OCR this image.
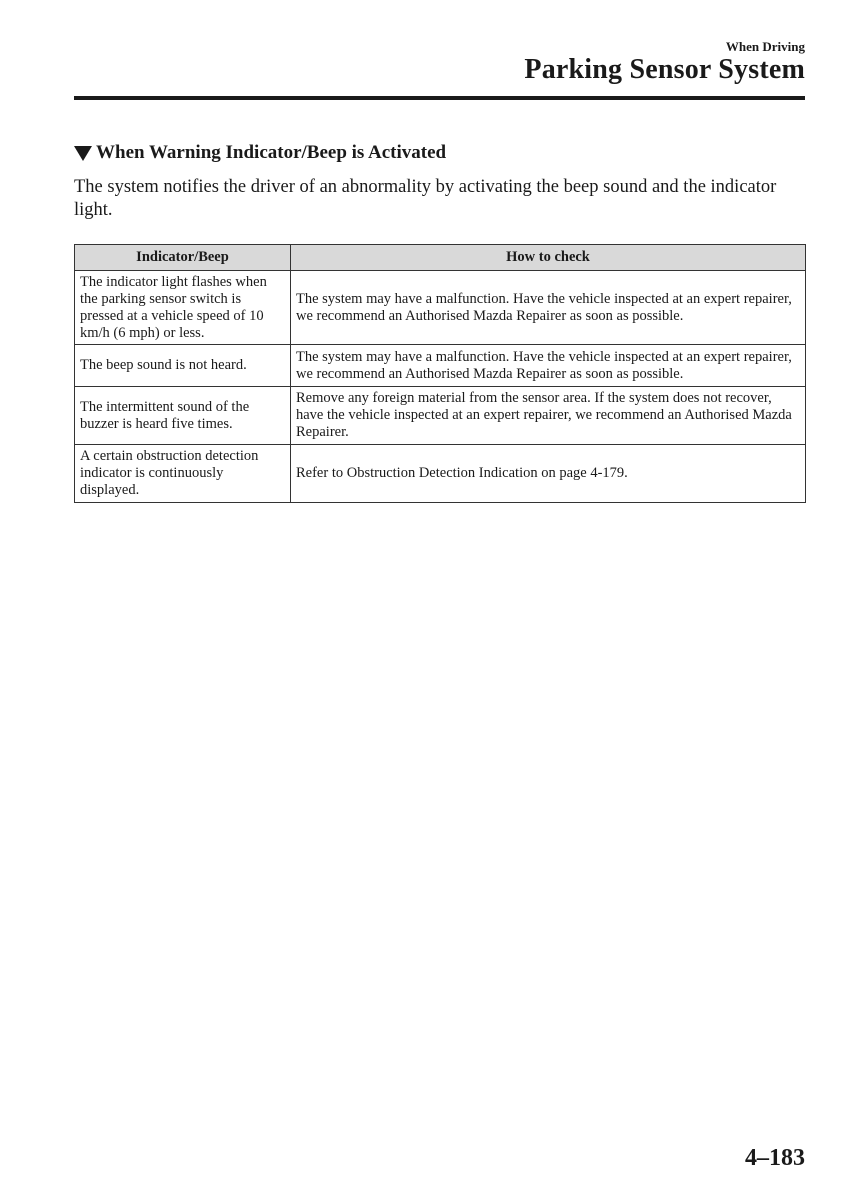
When Driving
Parking Sensor System
When Warning Indicator/Beep is Activated

The system notifies the driver of an abnormality by activating the beep sound and the indicator light.

Indicator/Beep	How to check
The indicator light flashes when the parking sensor switch is pressed at a vehicle speed of 10 km/h (6 mph) or less.	The system may have a malfunction. Have the vehicle inspected at an expert repairer, we recommend an Authorised Mazda Repairer as soon as possible.
The beep sound is not heard.	The system may have a malfunction. Have the vehicle inspected at an expert repairer, we recommend an Authorised Mazda Repairer as soon as possible.
The intermittent sound of the buzzer is heard five times.	Remove any foreign material from the sensor area. If the system does not recover, have the vehicle inspected at an expert repairer, we recommend an Authorised Mazda Repairer.
A certain obstruction detection indicator is continuously displayed.	Refer to Obstruction Detection Indication on page 4-179.
4–183
